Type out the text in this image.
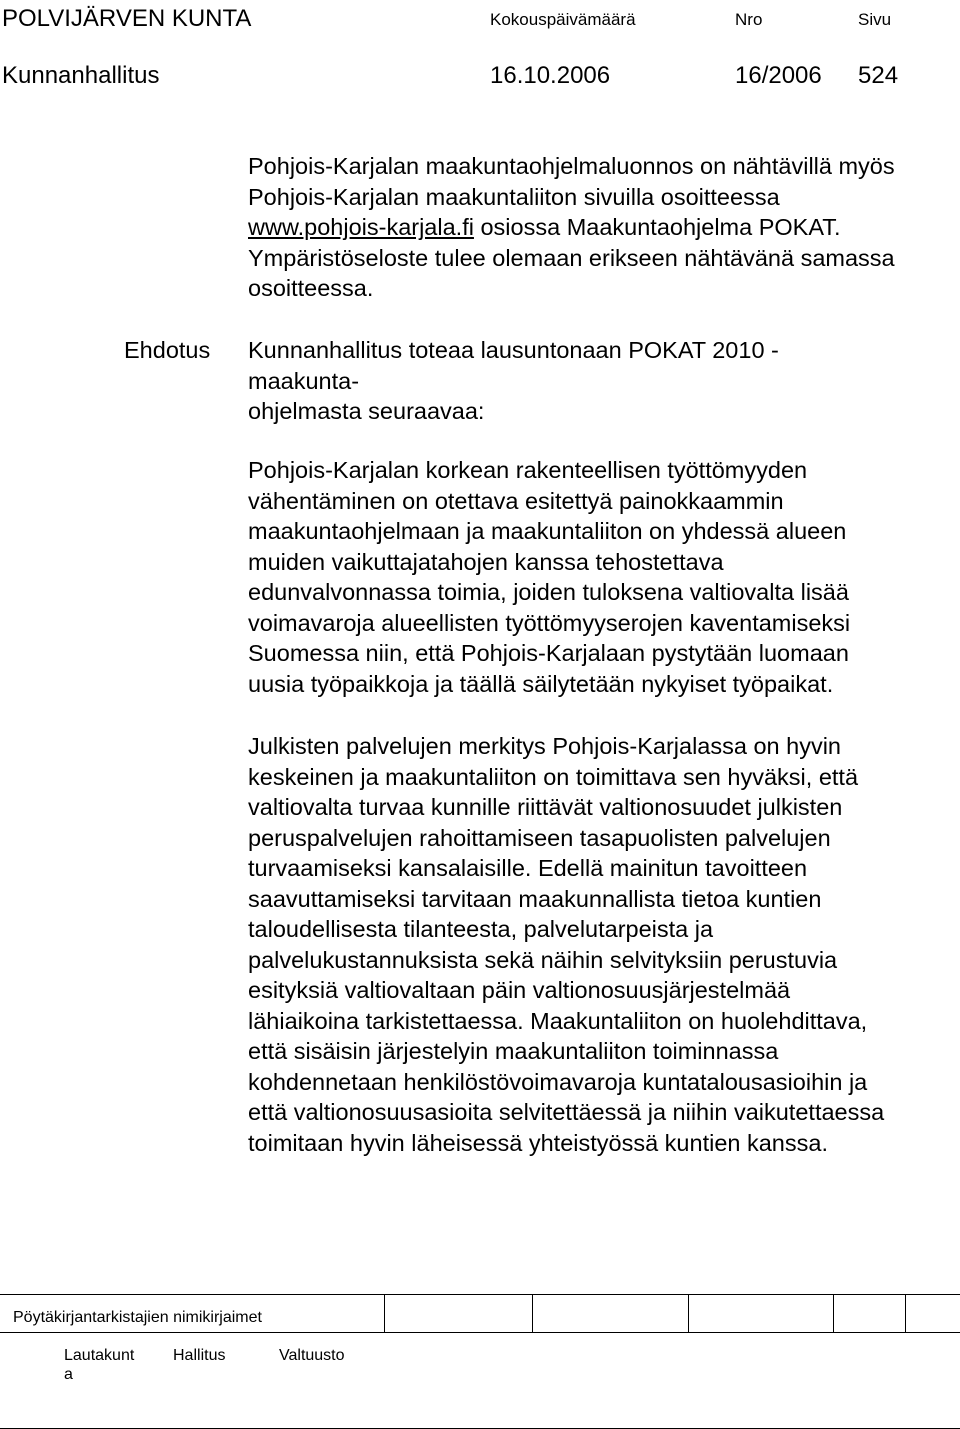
POLVIJÄRVEN KUNTA	Kokouspäivämäärä	Nro	Sivu
Kunnanhallitus	16.10.2006	16/2006 524
Pohjois-Karjalan maakuntaohjelmaluonnos on nähtävillä myös
Pohjois-Karjalan maakuntaliiton sivuilla osoitteessa
www.pohjois-karjala.fi osiossa Maakuntaohjelma POKAT.
Ympäristöseloste tulee olemaan erikseen nähtävänä samassa
osoitteessa.
Ehdotus Kunnanhallitus toteaa lausuntonaan POKAT 2010 -
maakunta-
ohjelmasta seuraavaa:
Pohjois-Karjalan korkean rakenteellisen työttömyyden
vähentäminen on otettava esitettyä painokkaammin
maakuntaohjelmaan ja maakuntaliiton on yhdessä alueen
muiden vaikuttajatahojen kanssa tehostettava
edunvalvonnassa toimia, joiden tuloksena valtiovalta lisää
voimavaroja alueellisten työttömyyserojen kaventamiseksi
Suomessa niin, että Pohjois-Karjalaan pystytään luomaan
uusia työpaikkoja ja täällä säilytetään nykyiset työpaikat.
Julkisten palvelujen merkitys Pohjois-Karjalassa on hyvin
keskeinen ja maakuntaliiton on toimittava sen hyväksi, että
valtiovalta turvaa kunnille riittävät valtionosuudet julkisten
peruspalvelujen rahoittamiseen tasapuolisten palvelujen
turvaamiseksi kansalaisille. Edellä mainitun tavoitteen
saavuttamiseksi tarvitaan maakunnallista tietoa kuntien
taloudellisesta tilanteesta, palvelutarpeista ja
palvelukustannuksista sekä näihin selvityksiin perustuvia
esityksiä valtiovaltaan päin valtionosuusjärjestelmää
lähiaikoina tarkistettaessa. Maakuntaliiton on huolehdittava,
että sisäisin järjestelyin maakuntaliiton toiminnassa
kohdennetaan henkilöstövoimavaroja kuntatalousasioihin ja
että valtionosuusasioita selvitettäessä ja niihin vaikutettaessa
toimitaan hyvin läheisessä yhteistyössä kuntien kanssa.
Pöytäkirjantarkistajien nimikirjaimet
Lautakunt
a
Hallitus	Valtuusto
